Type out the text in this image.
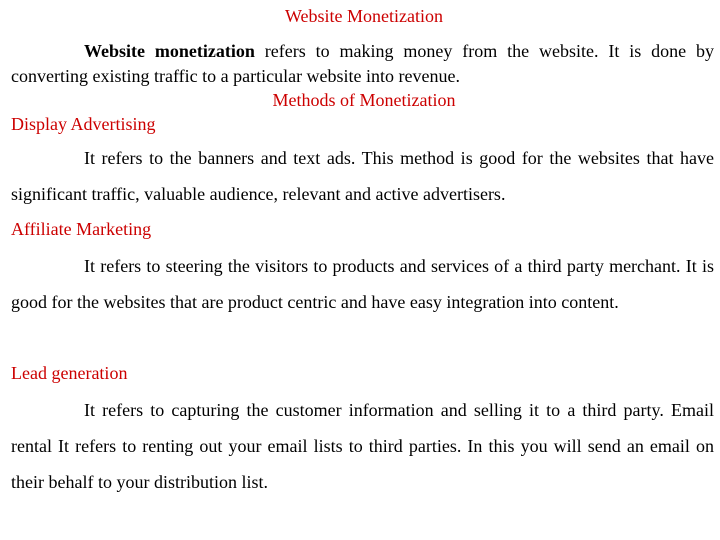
Website Monetization
Website monetization refers to making money from the website. It is done by converting existing traffic to a particular website into revenue.
Methods of Monetization
Display Advertising
It refers to the banners and text ads. This method is good for the websites that have significant traffic, valuable audience, relevant and active advertisers.
Affiliate Marketing
It refers to steering the visitors to products and services of a third party merchant. It is good for the websites that are product centric and have easy integration into content.
Lead generation
It refers to capturing the customer information and selling it to a third party. Email rental It refers to renting out your email lists to third parties. In this you will send an email on their behalf to your distribution list.
